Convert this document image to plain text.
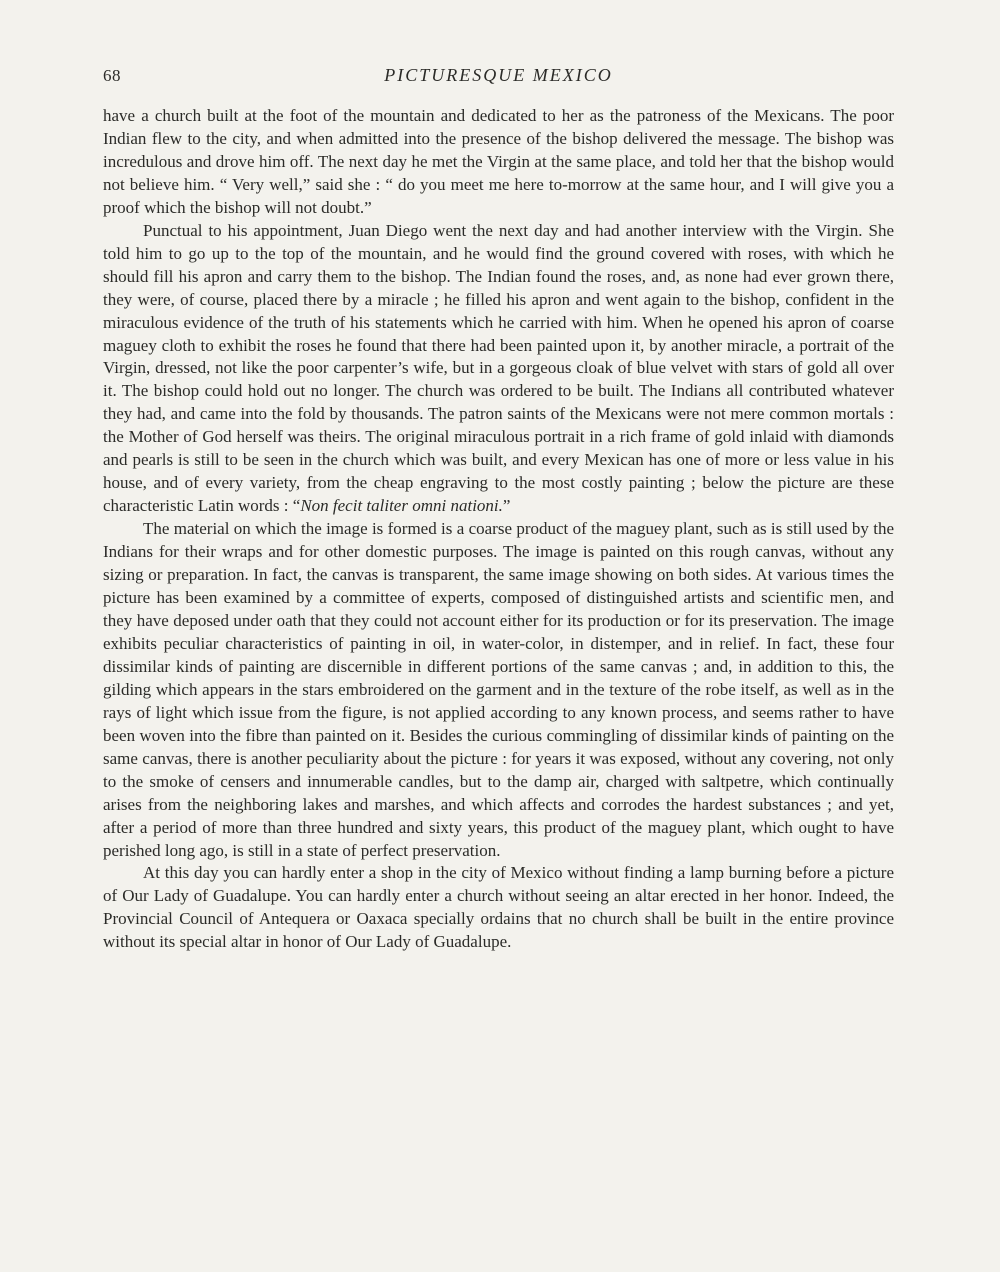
68	PICTURESQUE MEXICO

have a church built at the foot of the mountain and dedicated to her as the patroness of the Mexicans. The poor Indian flew to the city, and when admitted into the presence of the bishop delivered the message. The bishop was incredulous and drove him off. The next day he met the Virgin at the same place, and told her that the bishop would not believe him. “ Very well,” said she : “ do you meet me here to-morrow at the same hour, and I will give you a proof which the bishop will not doubt.”

Punctual to his appointment, Juan Diego went the next day and had another interview with the Virgin. She told him to go up to the top of the mountain, and he would find the ground covered with roses, with which he should fill his apron and carry them to the bishop. The Indian found the roses, and, as none had ever grown there, they were, of course, placed there by a miracle ; he filled his apron and went again to the bishop, confident in the miraculous evidence of the truth of his statements which he carried with him. When he opened his apron of coarse maguey cloth to exhibit the roses he found that there had been painted upon it, by another miracle, a portrait of the Virgin, dressed, not like the poor carpenter’s wife, but in a gorgeous cloak of blue velvet with stars of gold all over it. The bishop could hold out no longer. The church was ordered to be built. The Indians all contributed whatever they had, and came into the fold by thousands. The patron saints of the Mexicans were not mere common mortals : the Mother of God herself was theirs. The original miraculous portrait in a rich frame of gold inlaid with diamonds and pearls is still to be seen in the church which was built, and every Mexican has one of more or less value in his house, and of every variety, from the cheap engraving to the most costly painting ; below the picture are these characteristic Latin words : “Non fecit taliter omni nationi.”

The material on which the image is formed is a coarse product of the maguey plant, such as is still used by the Indians for their wraps and for other domestic purposes. The image is painted on this rough canvas, without any sizing or preparation. In fact, the canvas is transparent, the same image showing on both sides. At various times the picture has been examined by a committee of experts, composed of distinguished artists and scientific men, and they have deposed under oath that they could not account either for its production or for its preservation. The image exhibits peculiar characteristics of painting in oil, in water-color, in distemper, and in relief. In fact, these four dissimilar kinds of painting are discernible in different portions of the same canvas ; and, in addition to this, the gilding which appears in the stars embroidered on the garment and in the texture of the robe itself, as well as in the rays of light which issue from the figure, is not applied according to any known process, and seems rather to have been woven into the fibre than painted on it. Besides the curious commingling of dissimilar kinds of painting on the same canvas, there is another peculiarity about the picture : for years it was exposed, without any covering, not only to the smoke of censers and innumerable candles, but to the damp air, charged with saltpetre, which continually arises from the neighboring lakes and marshes, and which affects and corrodes the hardest substances ; and yet, after a period of more than three hundred and sixty years, this product of the maguey plant, which ought to have perished long ago, is still in a state of perfect preservation.

At this day you can hardly enter a shop in the city of Mexico without finding a lamp burning before a picture of Our Lady of Guadalupe. You can hardly enter a church without seeing an altar erected in her honor. Indeed, the Provincial Council of Antequera or Oaxaca specially ordains that no church shall be built in the entire province without its special altar in honor of Our Lady of Guadalupe.
